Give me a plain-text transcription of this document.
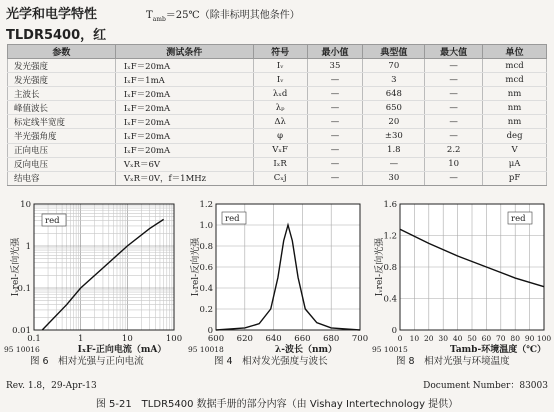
光学和电学特性	$T_{amb}=25℃$（除非标明其他条件）
TLDR5400，红
参数	测试条件	符号	最小值	典型值	最大值	单位
发光强度	IₓF＝20mA	Iᵥ	35	70	—	mcd
发光强度	IₓF＝1mA	Iᵥ	—	3	—	mcd
主波长	IₓF＝20mA	λₓd	—	648	—	nm
峰值波长	IₓF＝20mA	λₚ	—	650	—	nm
标定线半宽度	IₓF＝20mA	Δλ	—	20	—	nm
半光强角度	IₓF＝20mA	φ	—	±30	—	deg
正向电压	IₓF＝20mA	VₓF	—	1.8	2.2	V
反向电压	VₓR＝6V	IₓR	—	—	10	μA
结电容	VₓR＝0V，f＝1MHz	Cₓj	—	30	—	pF
0.1	1	10	100
0.01
0.1
1
10
red
Iᵥrel-反向光强
IₓF-正向电流（mA）
95 10016
600 620 640 660 680 700
0
0.2
0.4
0.6
0.8
1.0
1.2
red
Iᵥrel-反向光强
λ-波长（nm）
95 10018
0 10 20 30 40 50 60 70 80 90 100
0
0.4
0.8
1.2
1.6
red
Iᵥrel-反向光强
Tamb-环境温度（℃）
95 10015
图 6　相对光强与正向电流	图 4　相对发光强度与波长	图 8　相对光强与环境温度
Rev. 1.8，29-Apr-13	Document Number：83003
图 5-21　TLDR5400 数据手册的部分内容（由 Vishay Intertechnology 提供）
